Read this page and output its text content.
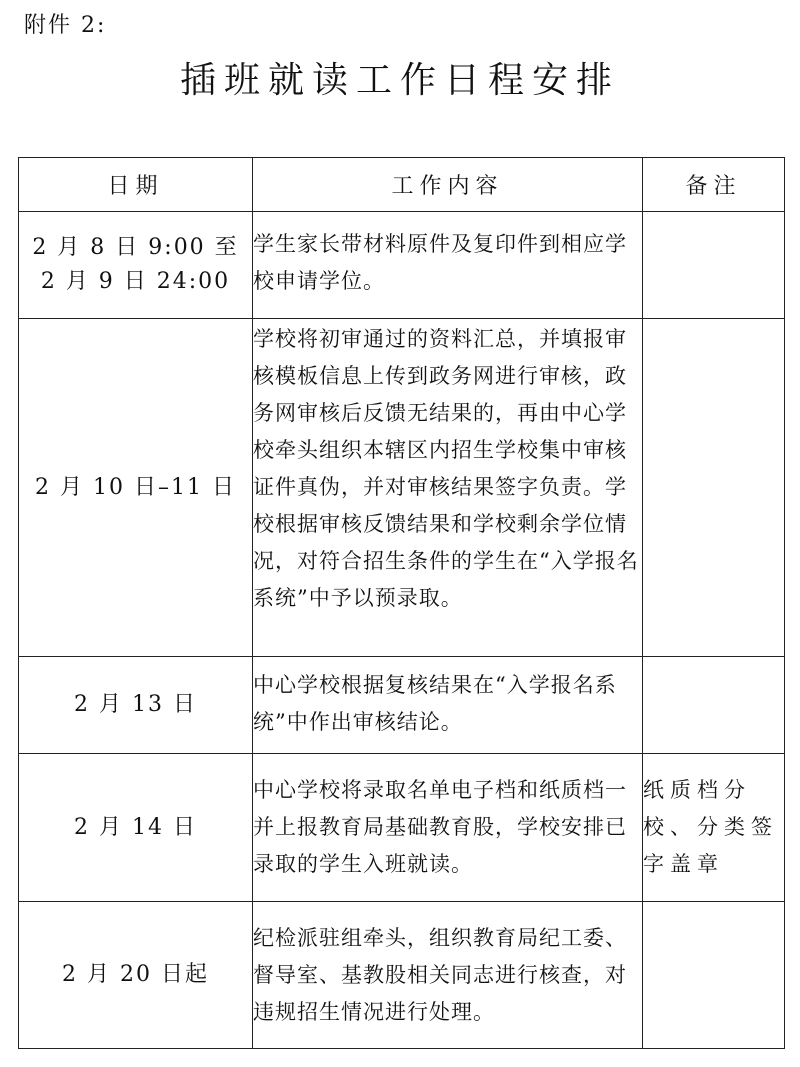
附件 2:
插班就读工作日程安排
日期	工作内容	备注
2 月 8 日 9:00 至 2 月 9 日 24:00	学生家长带材料原件及复印件到相应学校申请学位。	
2 月 10 日–11 日	学校将初审通过的资料汇总，并填报审核模板信息上传到政务网进行审核，政务网审核后反馈无结果的，再由中心学校牵头组织本辖区内招生学校集中审核证件真伪，并对审核结果签字负责。学校根据审核反馈结果和学校剩余学位情况，对符合招生条件的学生在“入学报名系统”中予以预录取。	
2 月 13 日	中心学校根据复核结果在“入学报名系统”中作出审核结论。	
2 月 14 日	中心学校将录取名单电子档和纸质档一并上报教育局基础教育股，学校安排已录取的学生入班就读。	纸质档分校、分类签字盖章
2 月 20 日起	纪检派驻组牵头，组织教育局纪工委、督导室、基教股相关同志进行核查，对违规招生情况进行处理。	
